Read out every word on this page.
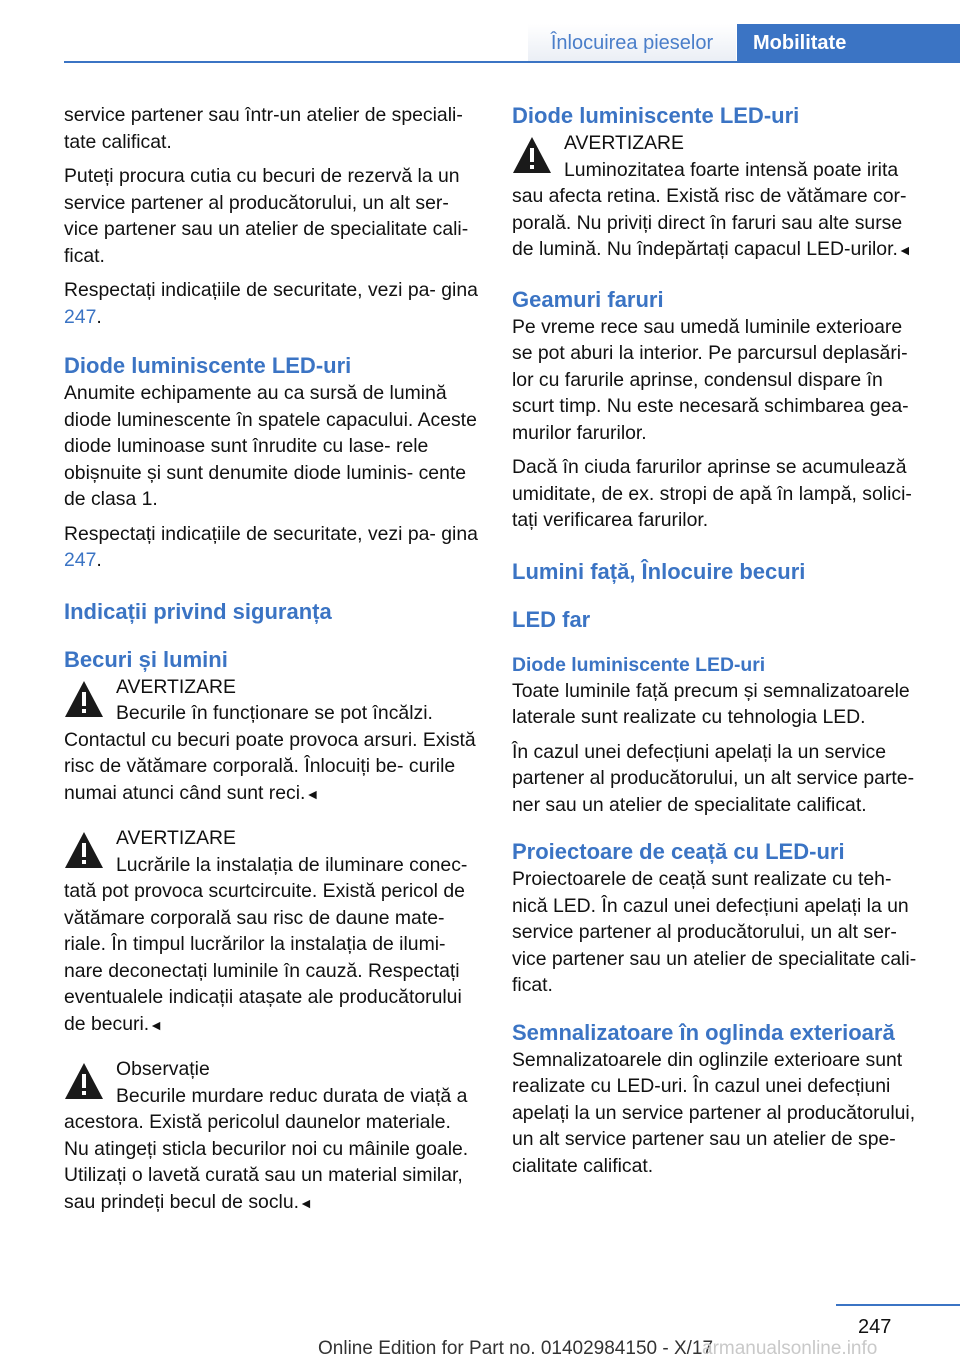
Înlocuirea pieselor	Mobilitate

service partener sau într-un atelier de speciali- tate calificat.

Puteți procura cutia cu becuri de rezervă la un service partener al producătorului, un alt ser- vice partener sau un atelier de specialitate cali- ficat.

Respectați indicațiile de securitate, vezi pa- gina 247.

Diode luminiscente LED-uri

Anumite echipamente au ca sursă de lumină diode luminescente în spatele capacului. Aceste diode luminoase sunt înrudite cu lase- rele obișnuite și sunt denumite diode luminis- cente de clasa 1.

Respectați indicațiile de securitate, vezi pa- gina 247.

Indicații privind siguranța
Becuri și lumini

AVERTIZARE

Becurile în funcționare se pot încălzi. Contactul cu becuri poate provoca arsuri. Există risc de vătămare corporală. Înlocuiți be- curile numai atunci când sunt reci.◄

AVERTIZARE

Lucrările la instalația de iluminare conec- tată pot provoca scurtcircuite. Există pericol de vătămare corporală sau risc de daune mate- riale. În timpul lucrărilor la instalația de ilumi- nare deconectați luminile în cauză. Respectați eventualele indicații atașate ale producătorului de becuri.◄

Observație

Becurile murdare reduc durata de viață a acestora. Există pericolul daunelor materiale. Nu atingeți sticla becurilor noi cu mâinile goale. Utilizați o lavetă curată sau un material similar, sau prindeți becul de soclu.◄

Diode luminiscente LED-uri

AVERTIZARE

Luminozitatea foarte intensă poate irita sau afecta retina. Există risc de vătămare cor- porală. Nu priviți direct în faruri sau alte surse de lumină. Nu îndepărtați capacul LED-urilor.◄

Geamuri faruri

Pe vreme rece sau umedă luminile exterioare se pot aburi la interior. Pe parcursul deplasări- lor cu farurile aprinse, condensul dispare în scurt timp. Nu este necesară schimbarea gea- murilor farurilor.

Dacă în ciuda farurilor aprinse se acumulează umiditate, de ex. stropi de apă în lampă, solici- tați verificarea farurilor.

Lumini față, Înlocuire becuri
LED far
Diode luminiscente LED-uri

Toate luminile față precum și semnalizatoarele laterale sunt realizate cu tehnologia LED.

În cazul unei defecțiuni apelați la un service partener al producătorului, un alt service parte- ner sau un atelier de specialitate calificat.

Proiectoare de ceață cu LED-uri

Proiectoarele de ceață sunt realizate cu teh- nică LED. În cazul unei defecțiuni apelați la un service partener al producătorului, un alt ser- vice partener sau un atelier de specialitate cali- ficat.

Semnalizatoare în oglinda exterioară

Semnalizatoarele din oglinzile exterioare sunt realizate cu LED-uri. În cazul unei defecțiuni apelați la un service partener al producătorului, un alt service partener sau un atelier de spe- cialitate calificat.

247
Online Edition for Part no. 01402984150 - X/17
armanualsonline.info
